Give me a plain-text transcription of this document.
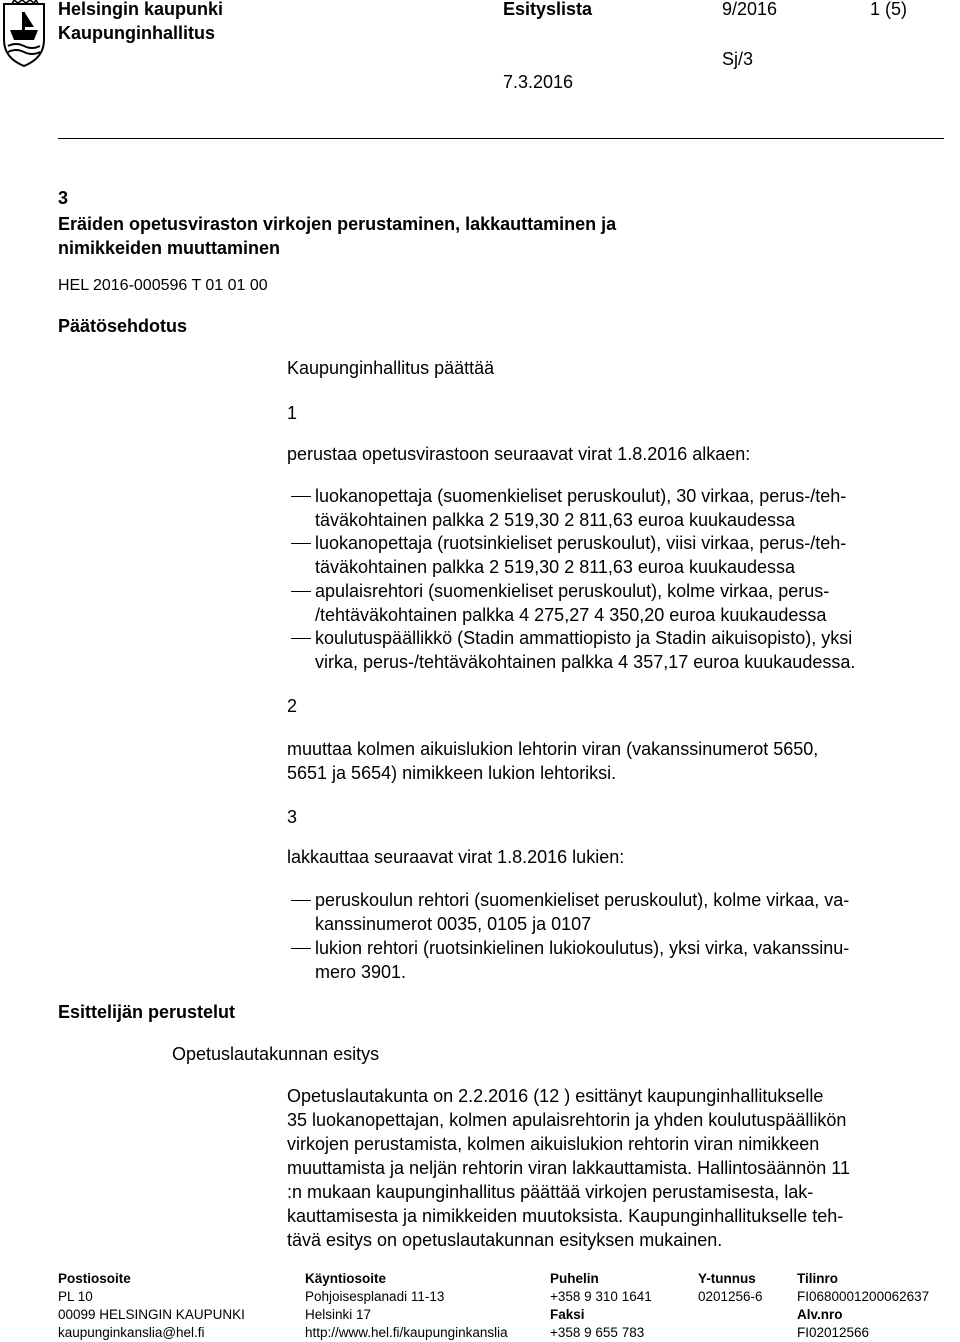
Helsingin kaupunki
Kaupunginhallitus
Esityslista	9/2016	1 (5)
Sj/3
7.3.2016
3
Eräiden opetusviraston virkojen perustaminen, lakkauttaminen ja
nimikkeiden muuttaminen
HEL 2016-000596 T 01 01 00
Päätösehdotus
Kaupunginhallitus päättää
1
perustaa opetusvirastoon seuraavat virat 1.8.2016 alkaen:
luokanopettaja (suomenkieliset peruskoulut), 30 virkaa, perus-/teh-
täväkohtainen palkka 2 519,30 2 811,63 euroa kuukaudessa
luokanopettaja (ruotsinkieliset peruskoulut), viisi virkaa, perus-/teh-
täväkohtainen palkka 2 519,30 2 811,63 euroa kuukaudessa
apulaisrehtori (suomenkieliset peruskoulut), kolme virkaa, perus-
/tehtäväkohtainen palkka 4 275,27 4 350,20 euroa kuukaudessa
koulutuspäällikkö (Stadin ammattiopisto ja Stadin aikuisopisto), yksi
virka, perus-/tehtäväkohtainen palkka 4 357,17 euroa kuukaudessa.
2
muuttaa kolmen aikuislukion lehtorin viran (vakanssinumerot 5650,
5651 ja 5654) nimikkeen lukion lehtoriksi.
3
lakkauttaa seuraavat virat 1.8.2016 lukien:
peruskoulun rehtori (suomenkieliset peruskoulut), kolme virkaa, va-
kanssinumerot 0035, 0105 ja 0107
lukion rehtori (ruotsinkielinen lukiokoulutus), yksi virka, vakanssinu-
mero 3901.
Esittelijän perustelut
Opetuslautakunnan esitys
Opetuslautakunta on 2.2.2016 (12 ) esittänyt kaupunginhallitukselle
35 luokanopettajan, kolmen apulaisrehtorin ja yhden koulutuspäällikön
virkojen perustamista, kolmen aikuislukion rehtorin viran nimikkeen
muuttamista ja neljän rehtorin viran lakkauttamista. Hallintosäännön 11
:n mukaan kaupunginhallitus päättää virkojen perustamisesta, lak-
kauttamisesta ja nimikkeiden muutoksista. Kaupunginhallitukselle teh-
tävä esitys on opetuslautakunnan esityksen mukainen.
Postiosoite
PL 10
00099 HELSINGIN KAUPUNKI
kaupunginkanslia@hel.fi
Käyntiosoite
Pohjoisesplanadi 11-13
Helsinki 17
http://www.hel.fi/kaupunginkanslia
Puhelin
+358 9 310 1641
Faksi
+358 9 655 783
Y-tunnus
0201256-6
Tilinro
FI0680001200062637
Alv.nro
FI02012566
